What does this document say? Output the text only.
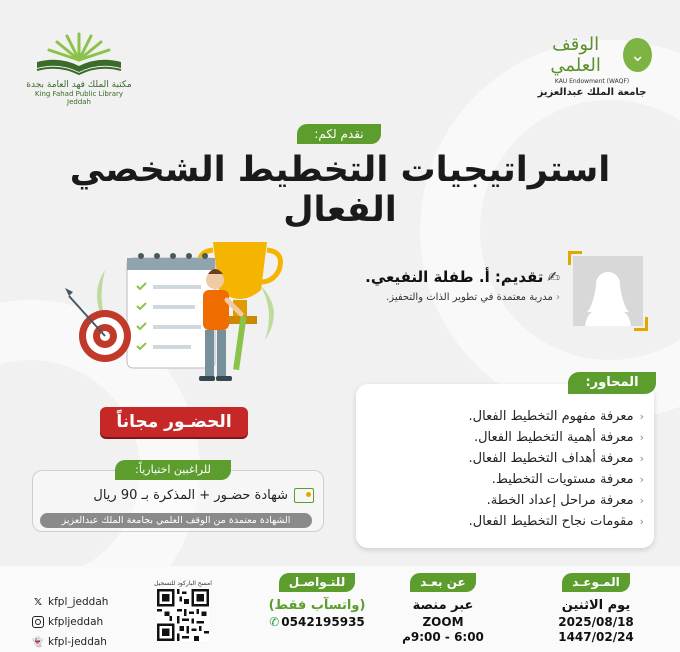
مكتبة الملك فهد العامة بجدة
King Fahad Public Library Jeddah
الوقف العلمي	⌄
KAU Endowment (WAQF)
جامعة الملك عبدالعزيز
نقدم لكم:
استراتيجيات التخطيط الشخصي الفعال
✍تقديم: أ. طفلة النفيعي.
‹ مدربة معتمدة في تطوير الذات والتحفيز.
الحضـور مجاناً
للراغبين اختيارياً:
شهادة حضـور + المذكرة بـ 90 ريال
الشهادة معتمدة من الوقف العلمي بجامعة الملك عبدالعزيز
المحاور:
‹معرفة مفهوم التخطيط الفعال.
‹معرفة أهمية التخطيط الفعال.
‹معرفة أهداف التخطيط الفعال.
‹معرفة مستويات التخطيط.
‹معرفة مراحل إعداد الخطة.
‹مقومات نجاح التخطيط الفعال.
المـوعـد
يوم الاثنين
2025/08/18
1447/02/24
عن بعـد
عبر منصة
ZOOM
6:00 - 9:00م
للتـواصـل
(واتسآب فقط)
0542195935✆
امسح الباركود للتسجيل
𝕏 kfpl_jeddah
kfpljeddah
👻 kfpl-jeddah
